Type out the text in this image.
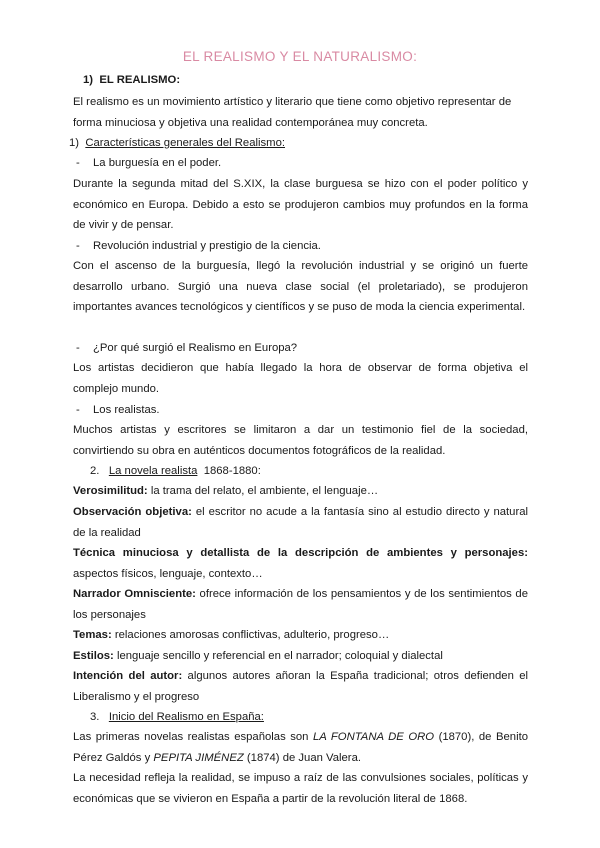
EL REALISMO Y EL NATURALISMO:
1) EL REALISMO:

El realismo es un movimiento artístico y literario que tiene como objetivo representar de forma minuciosa y objetiva una realidad contemporánea muy concreta.

1) Características generales del Realismo:
- La burguesía en el poder.

Durante la segunda mitad del S.XIX, la clase burguesa se hizo con el poder político y económico en Europa. Debido a esto se produjeron cambios muy profundos en la forma de vivir y de pensar.

- Revolución industrial y prestigio de la ciencia.

Con el ascenso de la burguesía, llegó la revolución industrial y se originó un fuerte desarrollo urbano. Surgió una nueva clase social (el proletariado), se produjeron importantes avances tecnológicos y científicos y se puso de moda la ciencia experimental.

- ¿Por qué surgió el Realismo en Europa?

Los artistas decidieron que había llegado la hora de observar de forma objetiva el complejo mundo.

- Los realistas.

Muchos artistas y escritores se limitaron a dar un testimonio fiel de la sociedad, convirtiendo su obra en auténticos documentos fotográficos de la realidad.

2. La novela realista 1868-1880:

Verosimilitud: la trama del relato, el ambiente, el lenguaje…

Observación objetiva: el escritor no acude a la fantasía sino al estudio directo y natural de la realidad

Técnica minuciosa y detallista de la descripción de ambientes y personajes: aspectos físicos, lenguaje, contexto…

Narrador Omnisciente: ofrece información de los pensamientos y de los sentimientos de los personajes

Temas: relaciones amorosas conflictivas, adulterio, progreso…

Estilos: lenguaje sencillo y referencial en el narrador; coloquial y dialectal

Intención del autor: algunos autores añoran la España tradicional; otros defienden el Liberalismo y el progreso

3. Inicio del Realismo en España:

Las primeras novelas realistas españolas son LA FONTANA DE ORO (1870), de Benito Pérez Galdós y PEPITA JIMÉNEZ (1874) de Juan Valera.

La necesidad refleja la realidad, se impuso a raíz de las convulsiones sociales, políticas y económicas que se vivieron en España a partir de la revolución literal de 1868.
